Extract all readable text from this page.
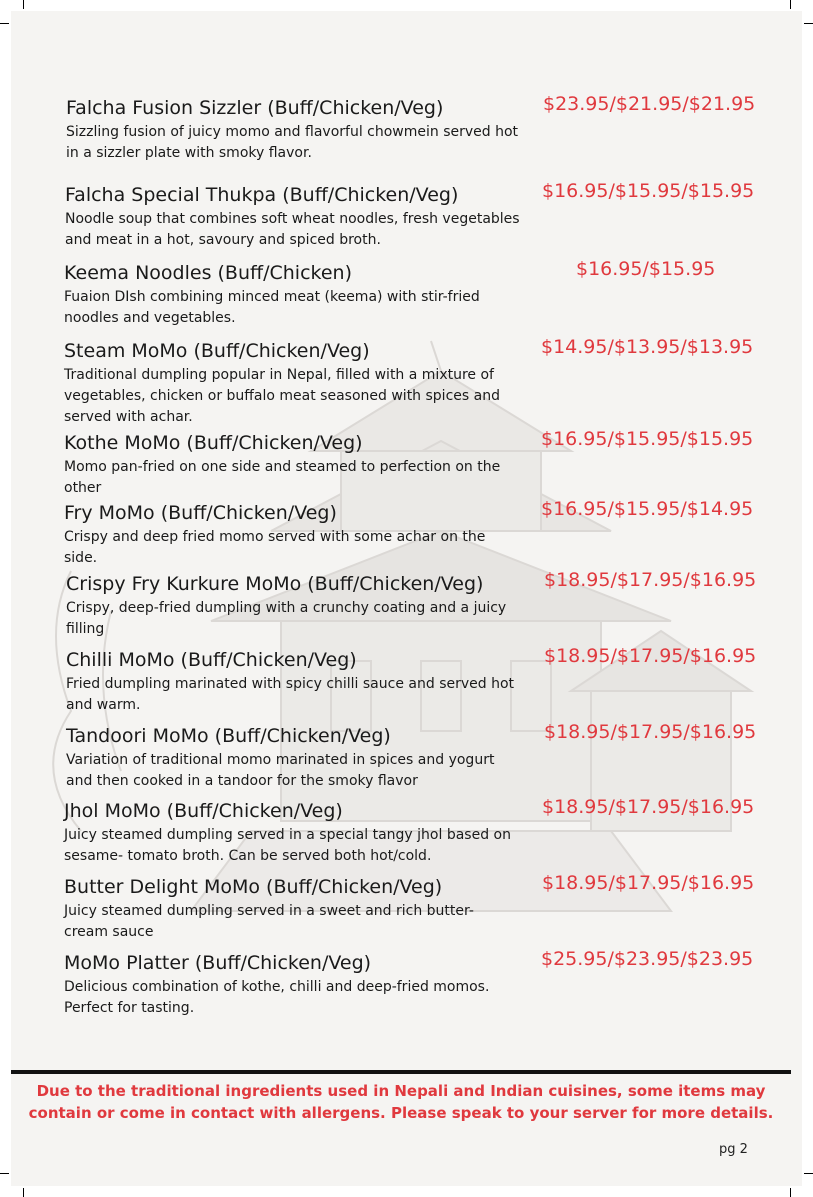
Falcha Fusion Sizzler (Buff/Chicken/Veg)	$23.95/$21.95/$21.95
Sizzling fusion of juicy momo and flavorful chowmein served hot in a sizzler plate with smoky flavor.
Falcha Special Thukpa (Buff/Chicken/Veg)	$16.95/$15.95/$15.95
Noodle soup that combines soft wheat noodles, fresh vegetables and meat in a hot, savoury and spiced broth.
Keema Noodles (Buff/Chicken)	$16.95/$15.95
Fuaion DIsh combining minced meat (keema) with stir-fried noodles and vegetables.
Steam MoMo (Buff/Chicken/Veg)	$14.95/$13.95/$13.95
Traditional dumpling popular in Nepal, filled with a mixture of vegetables, chicken or buffalo meat seasoned with spices and served with achar.
Kothe MoMo (Buff/Chicken/Veg)	$16.95/$15.95/$15.95
Momo pan-fried on one side and steamed to perfection on the other
Fry MoMo (Buff/Chicken/Veg)	$16.95/$15.95/$14.95
Crispy and deep fried momo served with some achar on the side.
Crispy Fry Kurkure MoMo (Buff/Chicken/Veg)	$18.95/$17.95/$16.95
Crispy, deep-fried dumpling with a crunchy coating and a juicy filling
Chilli MoMo (Buff/Chicken/Veg)	$18.95/$17.95/$16.95
Fried dumpling marinated with spicy chilli sauce and served hot and warm.
Tandoori MoMo (Buff/Chicken/Veg)	$18.95/$17.95/$16.95
Variation of traditional momo marinated in spices and yogurt and then cooked in a tandoor for the smoky flavor
Jhol MoMo (Buff/Chicken/Veg)	$18.95/$17.95/$16.95
Juicy steamed dumpling served in a special tangy jhol based on sesame- tomato broth. Can be served both hot/cold.
Butter Delight MoMo (Buff/Chicken/Veg)	$18.95/$17.95/$16.95
Juicy steamed dumpling served in a sweet and rich butter- cream sauce
MoMo Platter (Buff/Chicken/Veg)	$25.95/$23.95/$23.95
Delicious combination of kothe, chilli and deep-fried momos. Perfect for tasting.
Due to the traditional ingredients used in Nepali and Indian cuisines, some items may contain or come in contact with allergens. Please speak to your server for more details.
pg 2
